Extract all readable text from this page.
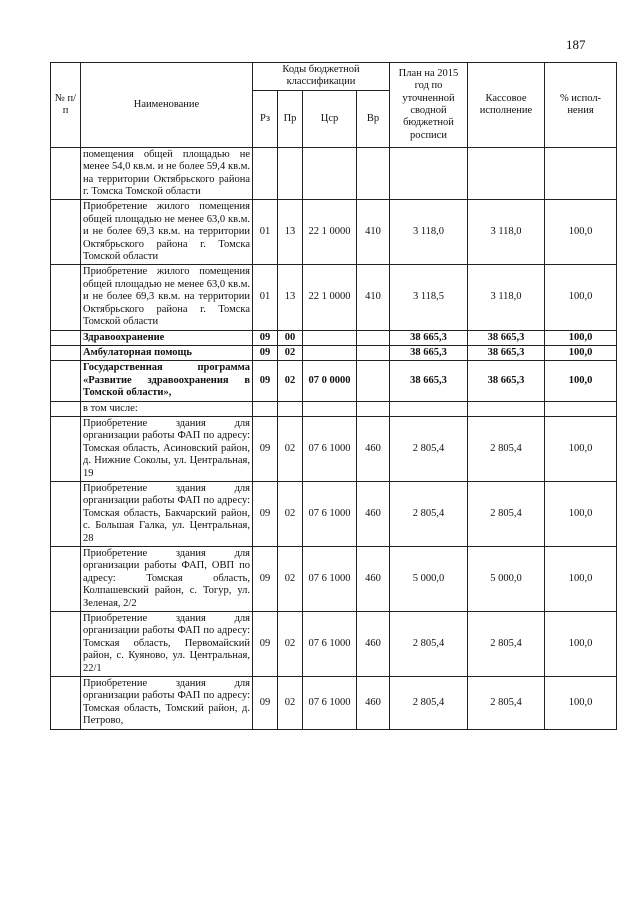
187
№ п/п	Наименование	Коды бюджетной классификации				План на 2015 год по уточненной сводной бюджетной росписи	Кассовое исполнение	% испол-нения
		Рз	Пр	Цср	Вр			
	помещения общей площадью не менее 54,0 кв.м. и не более 59,4 кв.м. на территории Октябрьского района г. Томска Томской области							
	Приобретение жилого помещения общей площадью не менее 63,0 кв.м. и не более 69,3 кв.м. на территории Октябрьского района г. Томска Томской области	01	13	22 1 0000	410	3 118,0	3 118,0	100,0
	Приобретение жилого помещения общей площадью не менее 63,0 кв.м. и не более 69,3 кв.м. на территории Октябрьского района г. Томска Томской области	01	13	22 1 0000	410	3 118,5	3 118,0	100,0
	Здравоохранение	09	00			38 665,3	38 665,3	100,0
	Амбулаторная помощь	09	02			38 665,3	38 665,3	100,0
	Государственная программа «Развитие здравоохранения в Томской области»,	09	02	07 0 0000		38 665,3	38 665,3	100,0
	в том числе:							
	Приобретение здания для организации работы ФАП по адресу: Томская область, Асиновский район, д. Нижние Соколы, ул. Центральная, 19	09	02	07 6 1000	460	2 805,4	2 805,4	100,0
	Приобретение здания для организации работы ФАП по адресу: Томская область, Бакчарский район, с. Большая Галка, ул. Центральная, 28	09	02	07 6 1000	460	2 805,4	2 805,4	100,0
	Приобретение здания для организации работы ФАП, ОВП по адресу: Томская область, Колпашевский район, с. Тогур, ул. Зеленая, 2/2	09	02	07 6 1000	460	5 000,0	5 000,0	100,0
	Приобретение здания для организации работы ФАП по адресу: Томская область, Первомайский район, с. Куяново, ул. Центральная, 22/1	09	02	07 6 1000	460	2 805,4	2 805,4	100,0
	Приобретение здания для организации работы ФАП по адресу: Томская область, Томский район, д. Петрово,	09	02	07 6 1000	460	2 805,4	2 805,4	100,0
